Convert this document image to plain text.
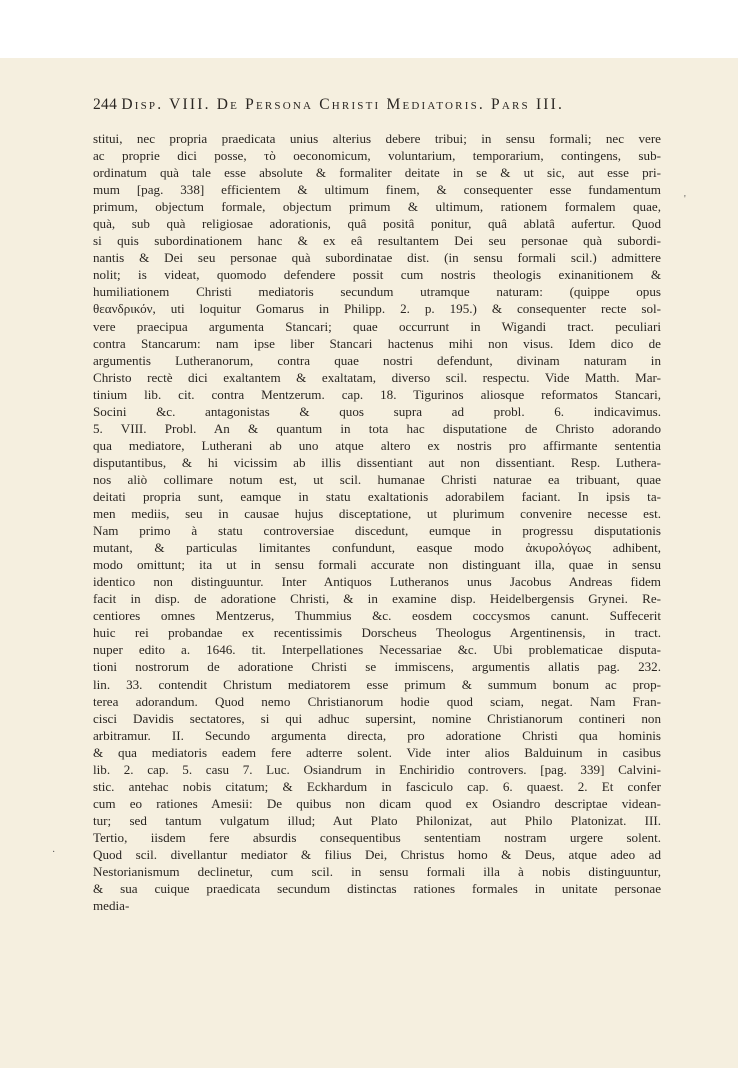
244 Disp. VIII. De Persona Christi Mediatoris. Pars III.
stitui, nec propria praedicata unius alterius debere tribui; in sensu formali; nec vere
ac proprie dici posse, τὸ oeconomicum, voluntarium, temporarium, contingens, sub-
ordinatum quà tale esse absolute & formaliter deitate in se & ut sic, aut esse pri-
mum [pag. 338] efficientem & ultimum finem, & consequenter esse fundamentum
primum, objectum formale, objectum primum & ultimum, rationem formalem quae,
quà, sub quà religiosae adorationis, quâ positâ ponitur, quâ ablatâ aufertur. Quod
si quis subordinationem hanc & ex eâ resultantem Dei seu personae quà subordi-
nantis & Dei seu personae quà subordinatae dist. (in sensu formali scil.) admittere
nolit; is videat, quomodo defendere possit cum nostris theologis exinanitionem &
humiliationem Christi mediatoris secundum utramque naturam: (quippe opus
θεανδρικόν, uti loquitur Gomarus in Philipp. 2. p. 195.) & consequenter recte sol-
vere praecipua argumenta Stancari; quae occurrunt in Wigandi tract. peculiari
contra Stancarum: nam ipse liber Stancari hactenus mihi non visus. Idem dico de
argumentis Lutheranorum, contra quae nostri defendunt, divinam naturam in
Christo rectè dici exaltantem & exaltatam, diverso scil. respectu. Vide Matth. Mar-
tinium lib. cit. contra Mentzerum. cap. 18. Tigurinos aliosque reformatos Stancari,
Socini &c. antagonistas & quos supra ad probl. 6. indicavimus.
5. VIII. Probl. An & quantum in tota hac disputatione de Christo adorando
qua mediatore, Lutherani ab uno atque altero ex nostris pro affirmante sententia
disputantibus, & hi vicissim ab illis dissentiant aut non dissentiant. Resp. Luthera-
nos aliò collimare notum est, ut scil. humanae Christi naturae ea tribuant, quae
deitati propria sunt, eamque in statu exaltationis adorabilem faciant. In ipsis ta-
men mediis, seu in causae hujus disceptatione, ut plurimum convenire necesse est.
Nam primo à statu controversiae discedunt, eumque in progressu disputationis
mutant, & particulas limitantes confundunt, easque modo ἀκυρολόγως adhibent,
modo omittunt; ita ut in sensu formali accurate non distinguant illa, quae in sensu
identico non distinguuntur. Inter Antiquos Lutheranos unus Jacobus Andreas fidem
facit in disp. de adoratione Christi, & in examine disp. Heidelbergensis Grynei. Re-
centiores omnes Mentzerus, Thummius &c. eosdem coccysmos canunt. Suffecerit
huic rei probandae ex recentissimis Dorscheus Theologus Argentinensis, in tract.
nuper edito a. 1646. tit. Interpellationes Necessariae &c. Ubi problematicae disputa-
tioni nostrorum de adoratione Christi se immiscens, argumentis allatis pag. 232.
lin. 33. contendit Christum mediatorem esse primum & summum bonum ac prop-
terea adorandum. Quod nemo Christianorum hodie quod sciam, negat. Nam Fran-
cisci Davidis sectatores, si qui adhuc supersint, nomine Christianorum contineri non
arbitramur. II. Secundo argumenta directa, pro adoratione Christi qua hominis
& qua mediatoris eadem fere adterre solent. Vide inter alios Balduinum in casibus
lib. 2. cap. 5. casu 7. Luc. Osiandrum in Enchiridio controvers. [pag. 339] Calvini-
stic. antehac nobis citatum; & Eckhardum in fasciculo cap. 6. quaest. 2. Et confer
cum eo rationes Amesii: De quibus non dicam quod ex Osiandro descriptae videan-
tur; sed tantum vulgatum illud; Aut Plato Philonizat, aut Philo Platonizat. III.
Tertio, iisdem fere absurdis consequentibus sententiam nostram urgere solent.
Quod scil. divellantur mediator & filius Dei, Christus homo & Deus, atque adeo ad
Nestorianismum declinetur, cum scil. in sensu formali illa à nobis distinguuntur,
& sua cuique praedicata secundum distinctas rationes formales in unitate personae
media-
'
·
